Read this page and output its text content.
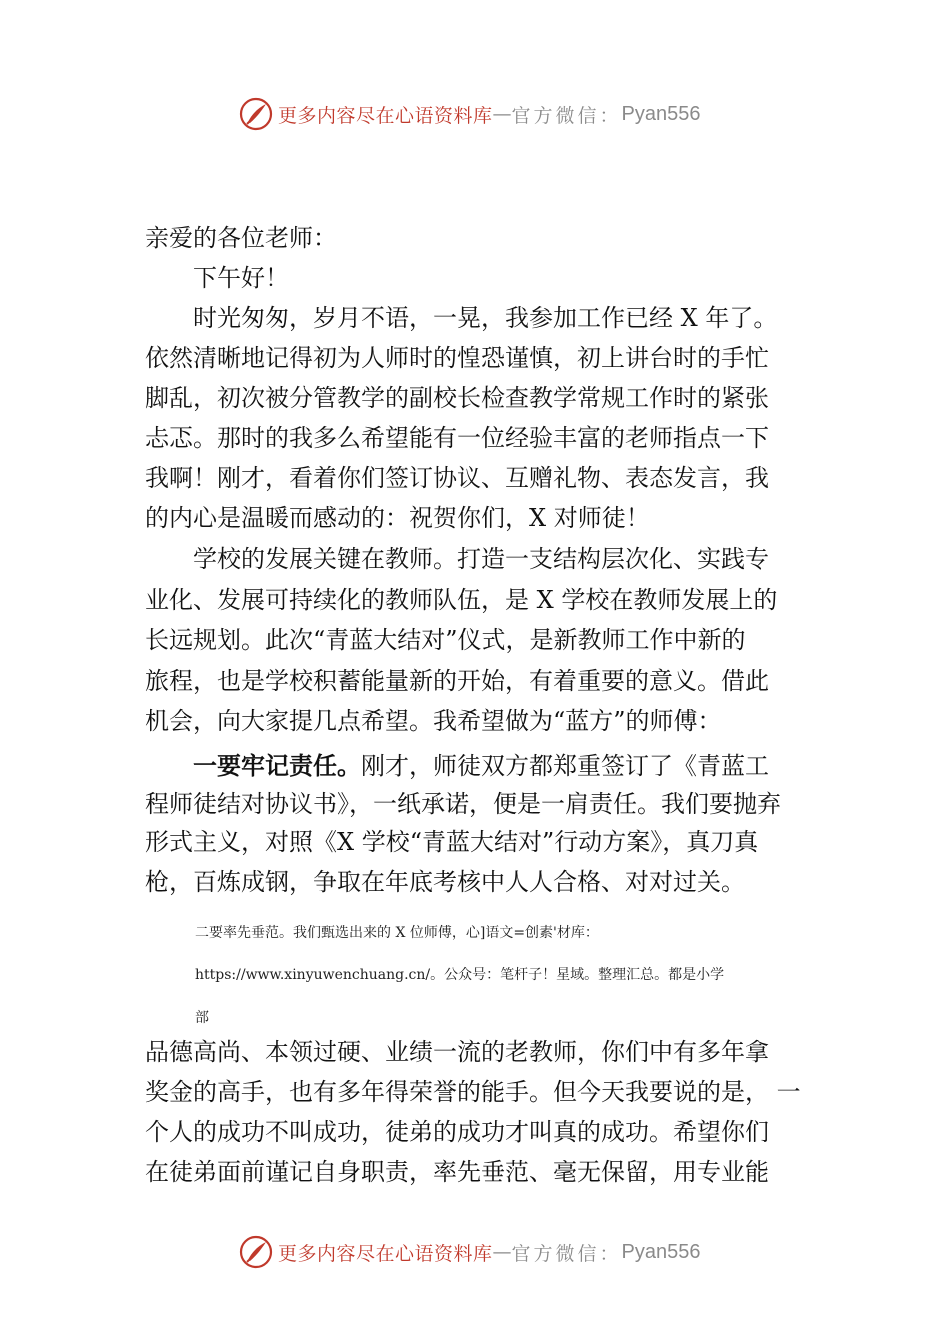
更多内容尽在心语资料库 — 官方微信： Pyan556
亲爱的各位老师：
下午好！
时光匆匆，岁月不语，一晃，我参加工作已经 X 年了。
依然清晰地记得初为人师时的惶恐谨慎，初上讲台时的手忙
脚乱，初次被分管教学的副校长检查教学常规工作时的紧张
忐忑。那时的我多么希望能有一位经验丰富的老师指点一下
我啊！刚才，看着你们签订协议、互赠礼物、表态发言，我
的内心是温暖而感动的：祝贺你们，X 对师徒！
学校的发展关键在教师。打造一支结构层次化、实践专
业化、发展可持续化的教师队伍，是 X 学校在教师发展上的
长远规划。此次“青蓝大结对”仪式，是新教师工作中新的
旅程，也是学校积蓄能量新的开始，有着重要的意义。借此
机会，向大家提几点希望。我希望做为“蓝方”的师傅：
一要牢记责任。刚才，师徒双方都郑重签订了《青蓝工
程师徒结对协议书》，一纸承诺，便是一肩责任。我们要抛弃
形式主义，对照《X 学校“青蓝大结对”行动方案》，真刀真
枪，百炼成钢，争取在年底考核中人人合格、对对过关。
二要率先垂范。我们甄选出来的 X 位师傅，心]语文=创素'材库：
https://www.xinyuwenchuang.cn/。公众号：笔杆子！星域。整理汇总。都是小学
部
品德高尚、本领过硬、业绩一流的老教师，你们中有多年拿
奖金的高手，也有多年得荣誉的能手。但今天我要说的是， 一
个人的成功不叫成功，徒弟的成功才叫真的成功。希望你们
在徒弟面前谨记自身职责，率先垂范、毫无保留，用专业能
更多内容尽在心语资料库 — 官方微信： Pyan556
